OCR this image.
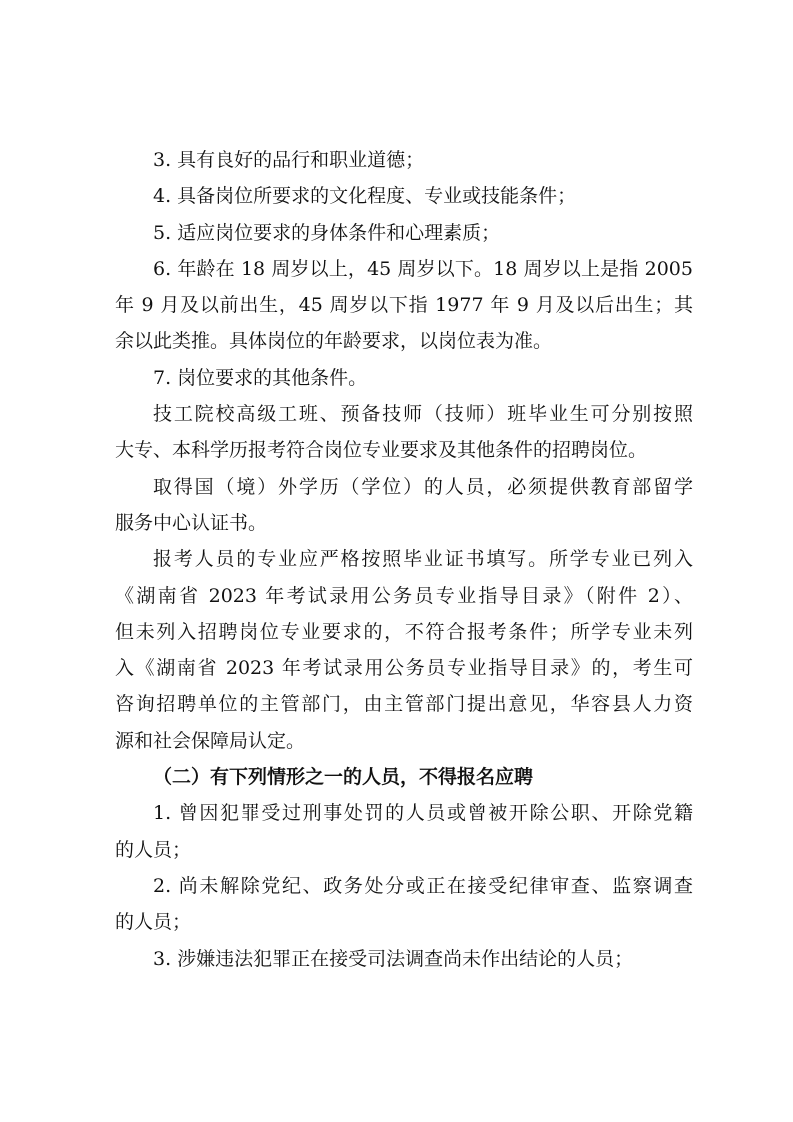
3. 具有良好的品行和职业道德；
4. 具备岗位所要求的文化程度、专业或技能条件；
5. 适应岗位要求的身体条件和心理素质；
6. 年龄在 18 周岁以上，45 周岁以下。18 周岁以上是指 2005
年 9 月及以前出生，45 周岁以下指 1977 年 9 月及以后出生；其
余以此类推。具体岗位的年龄要求，以岗位表为准。
7. 岗位要求的其他条件。
技工院校高级工班、预备技师（技师）班毕业生可分别按照
大专、本科学历报考符合岗位专业要求及其他条件的招聘岗位。
取得国（境）外学历（学位）的人员，必须提供教育部留学
服务中心认证书。
报考人员的专业应严格按照毕业证书填写。所学专业已列入
《湖南省 2023 年考试录用公务员专业指导目录》（附件 2）、
但未列入招聘岗位专业要求的，不符合报考条件；所学专业未列
入《湖南省 2023 年考试录用公务员专业指导目录》的，考生可
咨询招聘单位的主管部门，由主管部门提出意见，华容县人力资
源和社会保障局认定。
（二）有下列情形之一的人员，不得报名应聘
1. 曾因犯罪受过刑事处罚的人员或曾被开除公职、开除党籍
的人员；
2. 尚未解除党纪、政务处分或正在接受纪律审查、监察调查
的人员；
3. 涉嫌违法犯罪正在接受司法调查尚未作出结论的人员；
